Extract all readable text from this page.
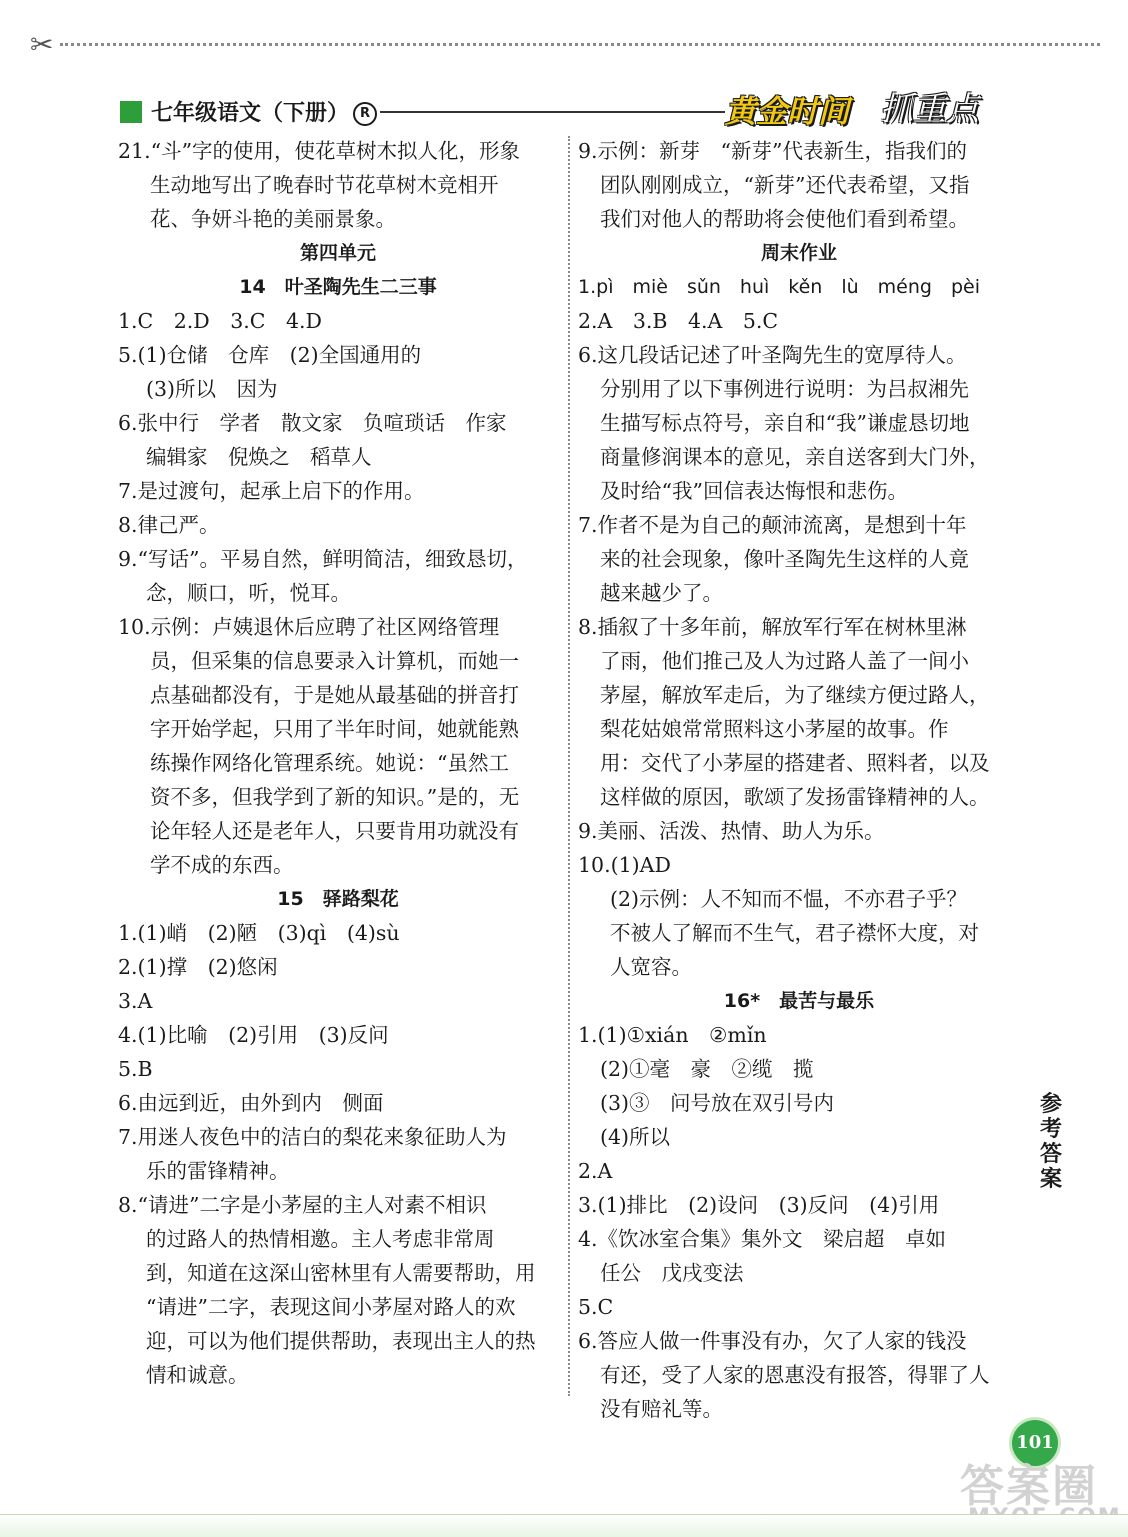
✂
七年级语文（下册） R	黄金时间 抓重点
21.“斗”字的使用，使花草树木拟人化，形象
生动地写出了晚春时节花草树木竞相开
花、争妍斗艳的美丽景象。
第四单元
14　叶圣陶先生二三事
1.C　2.D　3.C　4.D
5.(1)仓储　仓库　(2)全国通用的
(3)所以　因为
6.张中行　学者　散文家　负喧琐话　作家
编辑家　倪焕之　稻草人
7.是过渡句，起承上启下的作用。
8.律己严。
9.“写话”。平易自然，鲜明简洁，细致恳切，
念，顺口，听，悦耳。
10.示例：卢姨退休后应聘了社区网络管理
员，但采集的信息要录入计算机，而她一
点基础都没有，于是她从最基础的拼音打
字开始学起，只用了半年时间，她就能熟
练操作网络化管理系统。她说：“虽然工
资不多，但我学到了新的知识。”是的，无
论年轻人还是老年人，只要肯用功就没有
学不成的东西。
15　驿路梨花
1.(1)峭　(2)陋　(3)qì　(4)sù
2.(1)撑　(2)悠闲
3.A
4.(1)比喻　(2)引用　(3)反问
5.B
6.由远到近，由外到内　侧面
7.用迷人夜色中的洁白的梨花来象征助人为
乐的雷锋精神。
8.“请进”二字是小茅屋的主人对素不相识
的过路人的热情相邀。主人考虑非常周
到，知道在这深山密林里有人需要帮助，用
“请进”二字，表现这间小茅屋对路人的欢
迎，可以为他们提供帮助，表现出主人的热
情和诚意。
9.示例：新芽　“新芽”代表新生，指我们的
团队刚刚成立，“新芽”还代表希望，又指
我们对他人的帮助将会使他们看到希望。
周末作业
1.pì　miè　sǔn　huì　kěn　lù　méng　pèi
2.A　3.B　4.A　5.C
6.这几段话记述了叶圣陶先生的宽厚待人。
分别用了以下事例进行说明：为吕叔湘先
生描写标点符号，亲自和“我”谦虚恳切地
商量修润课本的意见，亲自送客到大门外，
及时给“我”回信表达悔恨和悲伤。
7.作者不是为自己的颠沛流离，是想到十年
来的社会现象，像叶圣陶先生这样的人竟
越来越少了。
8.插叙了十多年前，解放军行军在树林里淋
了雨，他们推己及人为过路人盖了一间小
茅屋，解放军走后，为了继续方便过路人，
梨花姑娘常常照料这小茅屋的故事。作
用：交代了小茅屋的搭建者、照料者，以及
这样做的原因，歌颂了发扬雷锋精神的人。
9.美丽、活泼、热情、助人为乐。
10.(1)AD
(2)示例：人不知而不愠，不亦君子乎？
不被人了解而不生气，君子襟怀大度，对
人宽容。
16*　最苦与最乐
1.(1)①xián　②mǐn
(2)①毫　豪　②缆　揽
(3)③　问号放在双引号内
(4)所以
2.A
3.(1)排比　(2)设问　(3)反问　(4)引用
4.《饮冰室合集》集外文　梁启超　卓如
任公　戊戌变法
5.C
6.答应人做一件事没有办，欠了人家的钱没
有还，受了人家的恩惠没有报答，得罪了人
没有赔礼等。
参考答案
101
答案圈
